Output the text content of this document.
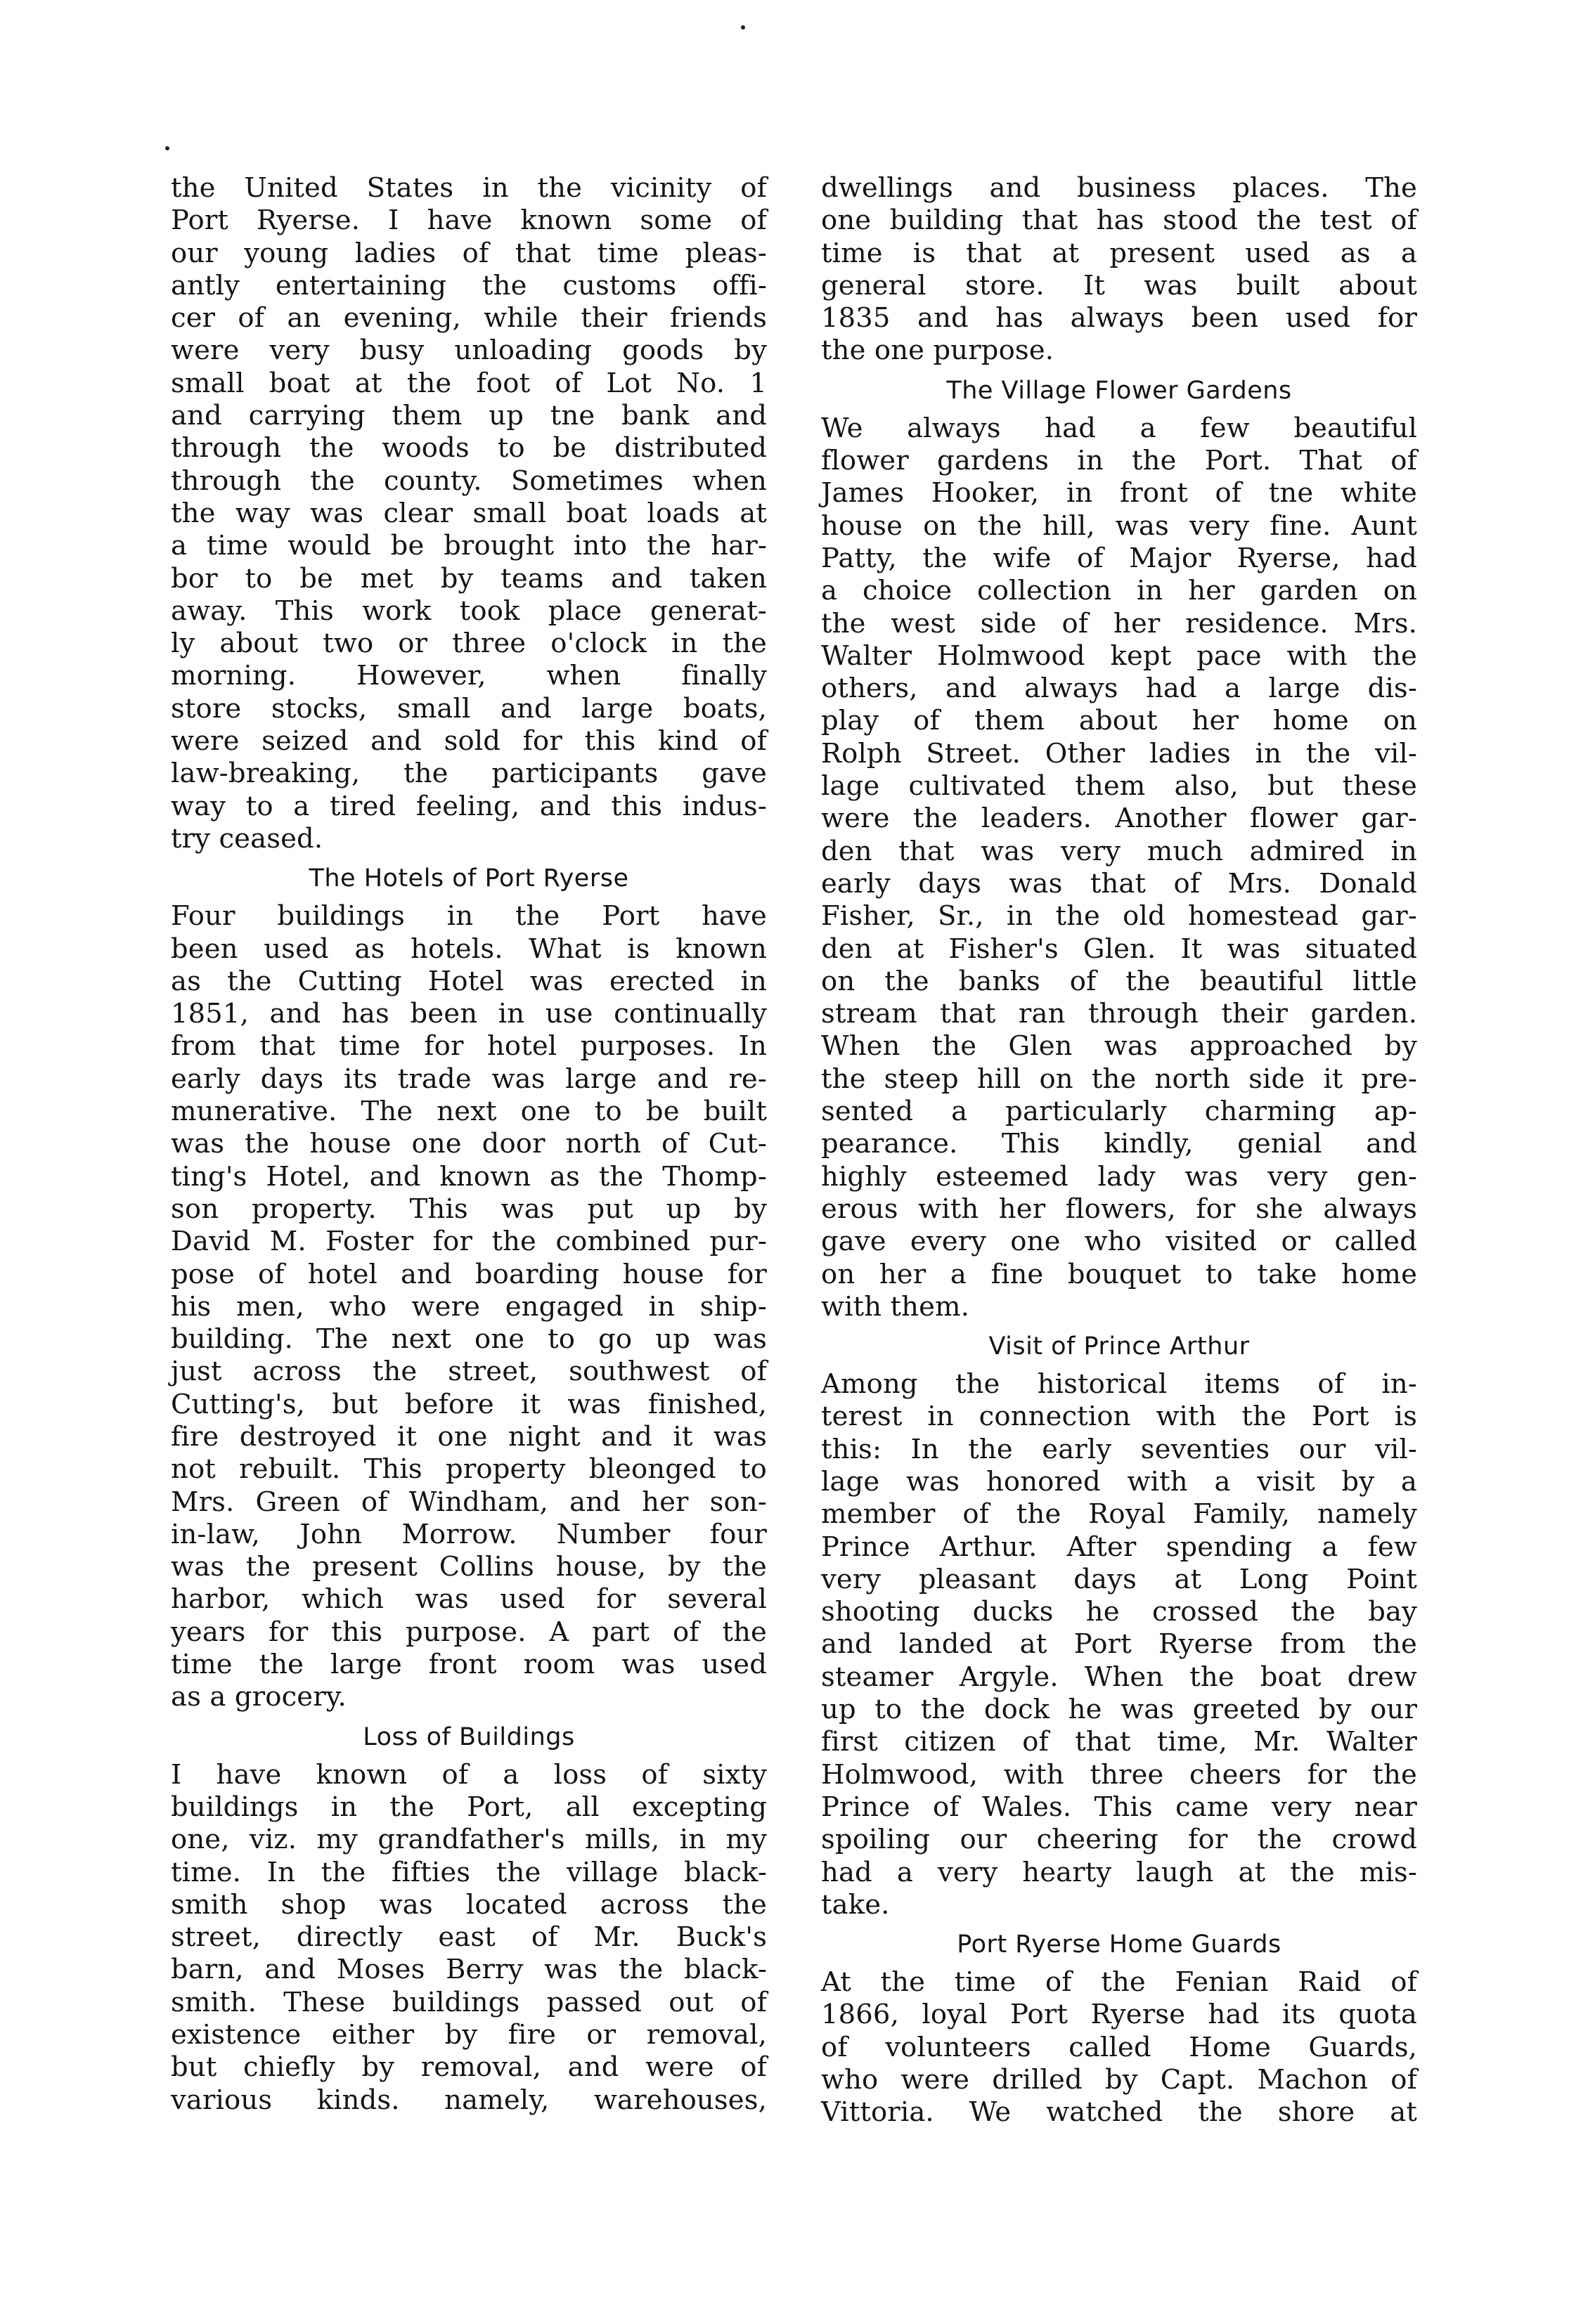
the United States in the vicinity of
Port Ryerse. I have known some of
our young ladies of that time pleas-
antly entertaining the customs offi-
cer of an evening, while their friends
were very busy unloading goods by
small boat at the foot of Lot No. 1
and carrying them up tne bank and
through the woods to be distributed
through the county. Sometimes when
the way was clear small boat loads at
a time would be brought into the har-
bor to be met by teams and taken
away. This work took place generat-
ly about two or three o'clock in the
morning. However, when finally
store stocks, small and large boats,
were seized and sold for this kind of
law-breaking, the participants gave
way to a tired feeling, and this indus-
try ceased.
The Hotels of Port Ryerse
Four buildings in the Port have
been used as hotels. What is known
as the Cutting Hotel was erected in
1851, and has been in use continually
from that time for hotel purposes. In
early days its trade was large and re-
munerative. The next one to be built
was the house one door north of Cut-
ting's Hotel, and known as the Thomp-
son property. This was put up by
David M. Foster for the combined pur-
pose of hotel and boarding house for
his men, who were engaged in ship-
building. The next one to go up was
just across the street, southwest of
Cutting's, but before it was finished,
fire destroyed it one night and it was
not rebuilt. This property bleonged to
Mrs. Green of Windham, and her son-
in-law, John Morrow. Number four
was the present Collins house, by the
harbor, which was used for several
years for this purpose. A part of the
time the large front room was used
as a grocery.
Loss of Buildings
I have known of a loss of sixty
buildings in the Port, all excepting
one, viz. my grandfather's mills, in my
time. In the fifties the village black-
smith shop was located across the
street, directly east of Mr. Buck's
barn, and Moses Berry was the black-
smith. These buildings passed out of
existence either by fire or removal,
but chiefly by removal, and were of
various kinds. namely, warehouses,
dwellings and business places. The
one building that has stood the test of
time is that at present used as a
general store. It was built about
1835 and has always been used for
the one purpose.
The Village Flower Gardens
We always had a few beautiful
flower gardens in the Port. That of
James Hooker, in front of tne white
house on the hill, was very fine. Aunt
Patty, the wife of Major Ryerse, had
a choice collection in her garden on
the west side of her residence. Mrs.
Walter Holmwood kept pace with the
others, and always had a large dis-
play of them about her home on
Rolph Street. Other ladies in the vil-
lage cultivated them also, but these
were the leaders. Another flower gar-
den that was very much admired in
early days was that of Mrs. Donald
Fisher, Sr., in the old homestead gar-
den at Fisher's Glen. It was situated
on the banks of the beautiful little
stream that ran through their garden.
When the Glen was approached by
the steep hill on the north side it pre-
sented a particularly charming ap-
pearance. This kindly, genial and
highly esteemed lady was very gen-
erous with her flowers, for she always
gave every one who visited or called
on her a fine bouquet to take home
with them.
Visit of Prince Arthur
Among the historical items of in-
terest in connection with the Port is
this: In the early seventies our vil-
lage was honored with a visit by a
member of the Royal Family, namely
Prince Arthur. After spending a few
very pleasant days at Long Point
shooting ducks he crossed the bay
and landed at Port Ryerse from the
steamer Argyle. When the boat drew
up to the dock he was greeted by our
first citizen of that time, Mr. Walter
Holmwood, with three cheers for the
Prince of Wales. This came very near
spoiling our cheering for the crowd
had a very hearty laugh at the mis-
take.
Port Ryerse Home Guards
At the time of the Fenian Raid of
1866, loyal Port Ryerse had its quota
of volunteers called Home Guards,
who were drilled by Capt. Machon of
Vittoria. We watched the shore at
